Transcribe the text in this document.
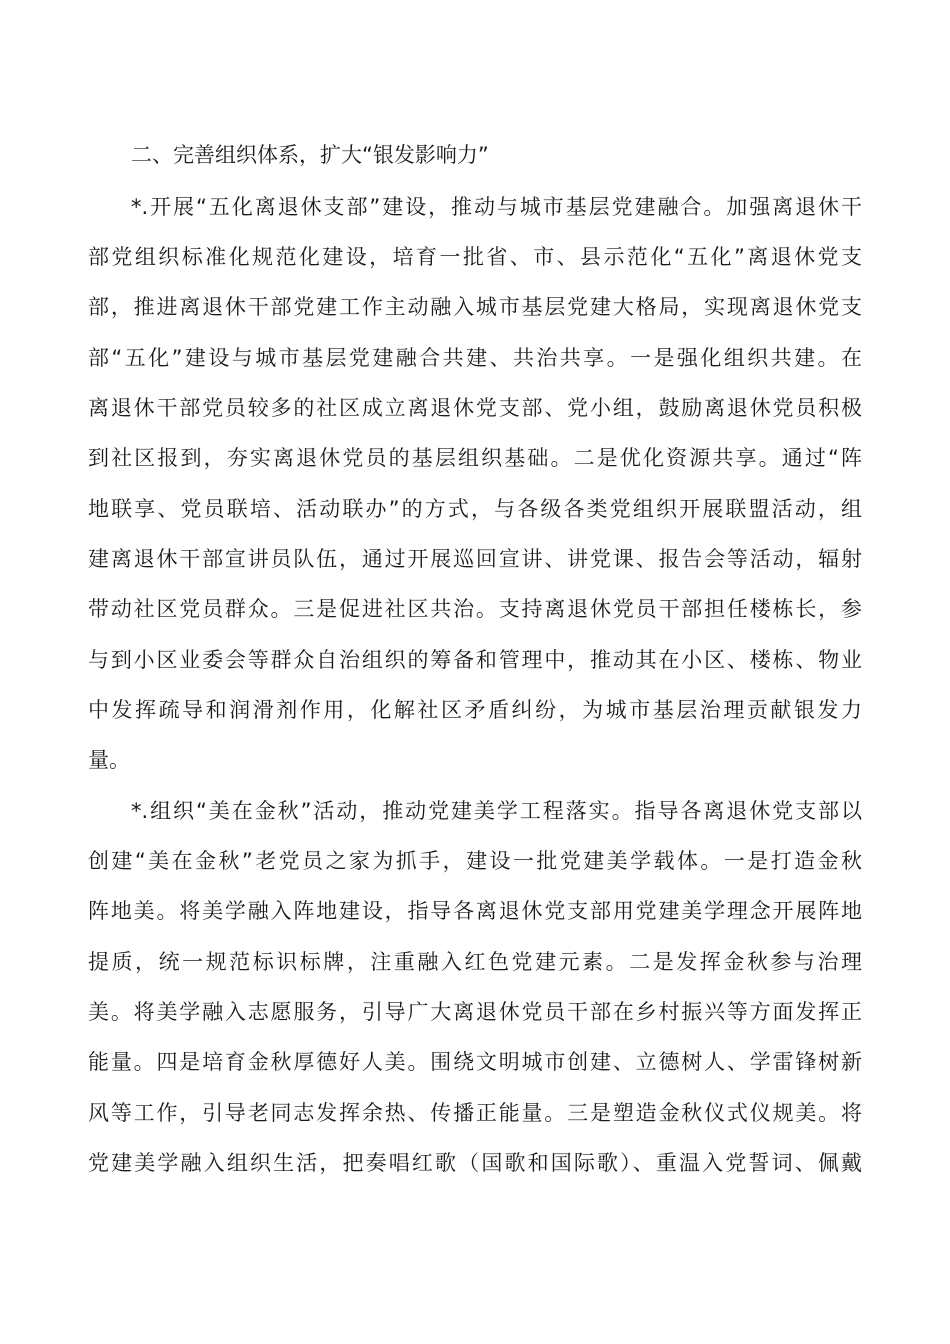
二、完善组织体系，扩大“银发影响力”
*.开展“五化离退休支部”建设，推动与城市基层党建融合。加强离退休干
部党组织标准化规范化建设，培育一批省、市、县示范化“五化”离退休党支
部，推进离退休干部党建工作主动融入城市基层党建大格局，实现离退休党支
部“五化”建设与城市基层党建融合共建、共治共享。一是强化组织共建。在
离退休干部党员较多的社区成立离退休党支部、党小组，鼓励离退休党员积极
到社区报到，夯实离退休党员的基层组织基础。二是优化资源共享。通过“阵
地联享、党员联培、活动联办”的方式，与各级各类党组织开展联盟活动，组
建离退休干部宣讲员队伍，通过开展巡回宣讲、讲党课、报告会等活动，辐射
带动社区党员群众。三是促进社区共治。支持离退休党员干部担任楼栋长，参
与到小区业委会等群众自治组织的筹备和管理中，推动其在小区、楼栋、物业
中发挥疏导和润滑剂作用，化解社区矛盾纠纷，为城市基层治理贡献银发力
量。
*.组织“美在金秋”活动，推动党建美学工程落实。指导各离退休党支部以
创建“美在金秋”老党员之家为抓手，建设一批党建美学载体。一是打造金秋
阵地美。将美学融入阵地建设，指导各离退休党支部用党建美学理念开展阵地
提质，统一规范标识标牌，注重融入红色党建元素。二是发挥金秋参与治理
美。将美学融入志愿服务，引导广大离退休党员干部在乡村振兴等方面发挥正
能量。四是培育金秋厚德好人美。围绕文明城市创建、立德树人、学雷锋树新
风等工作，引导老同志发挥余热、传播正能量。三是塑造金秋仪式仪规美。将
党建美学融入组织生活，把奏唱红歌（国歌和国际歌）、重温入党誓词、佩戴
